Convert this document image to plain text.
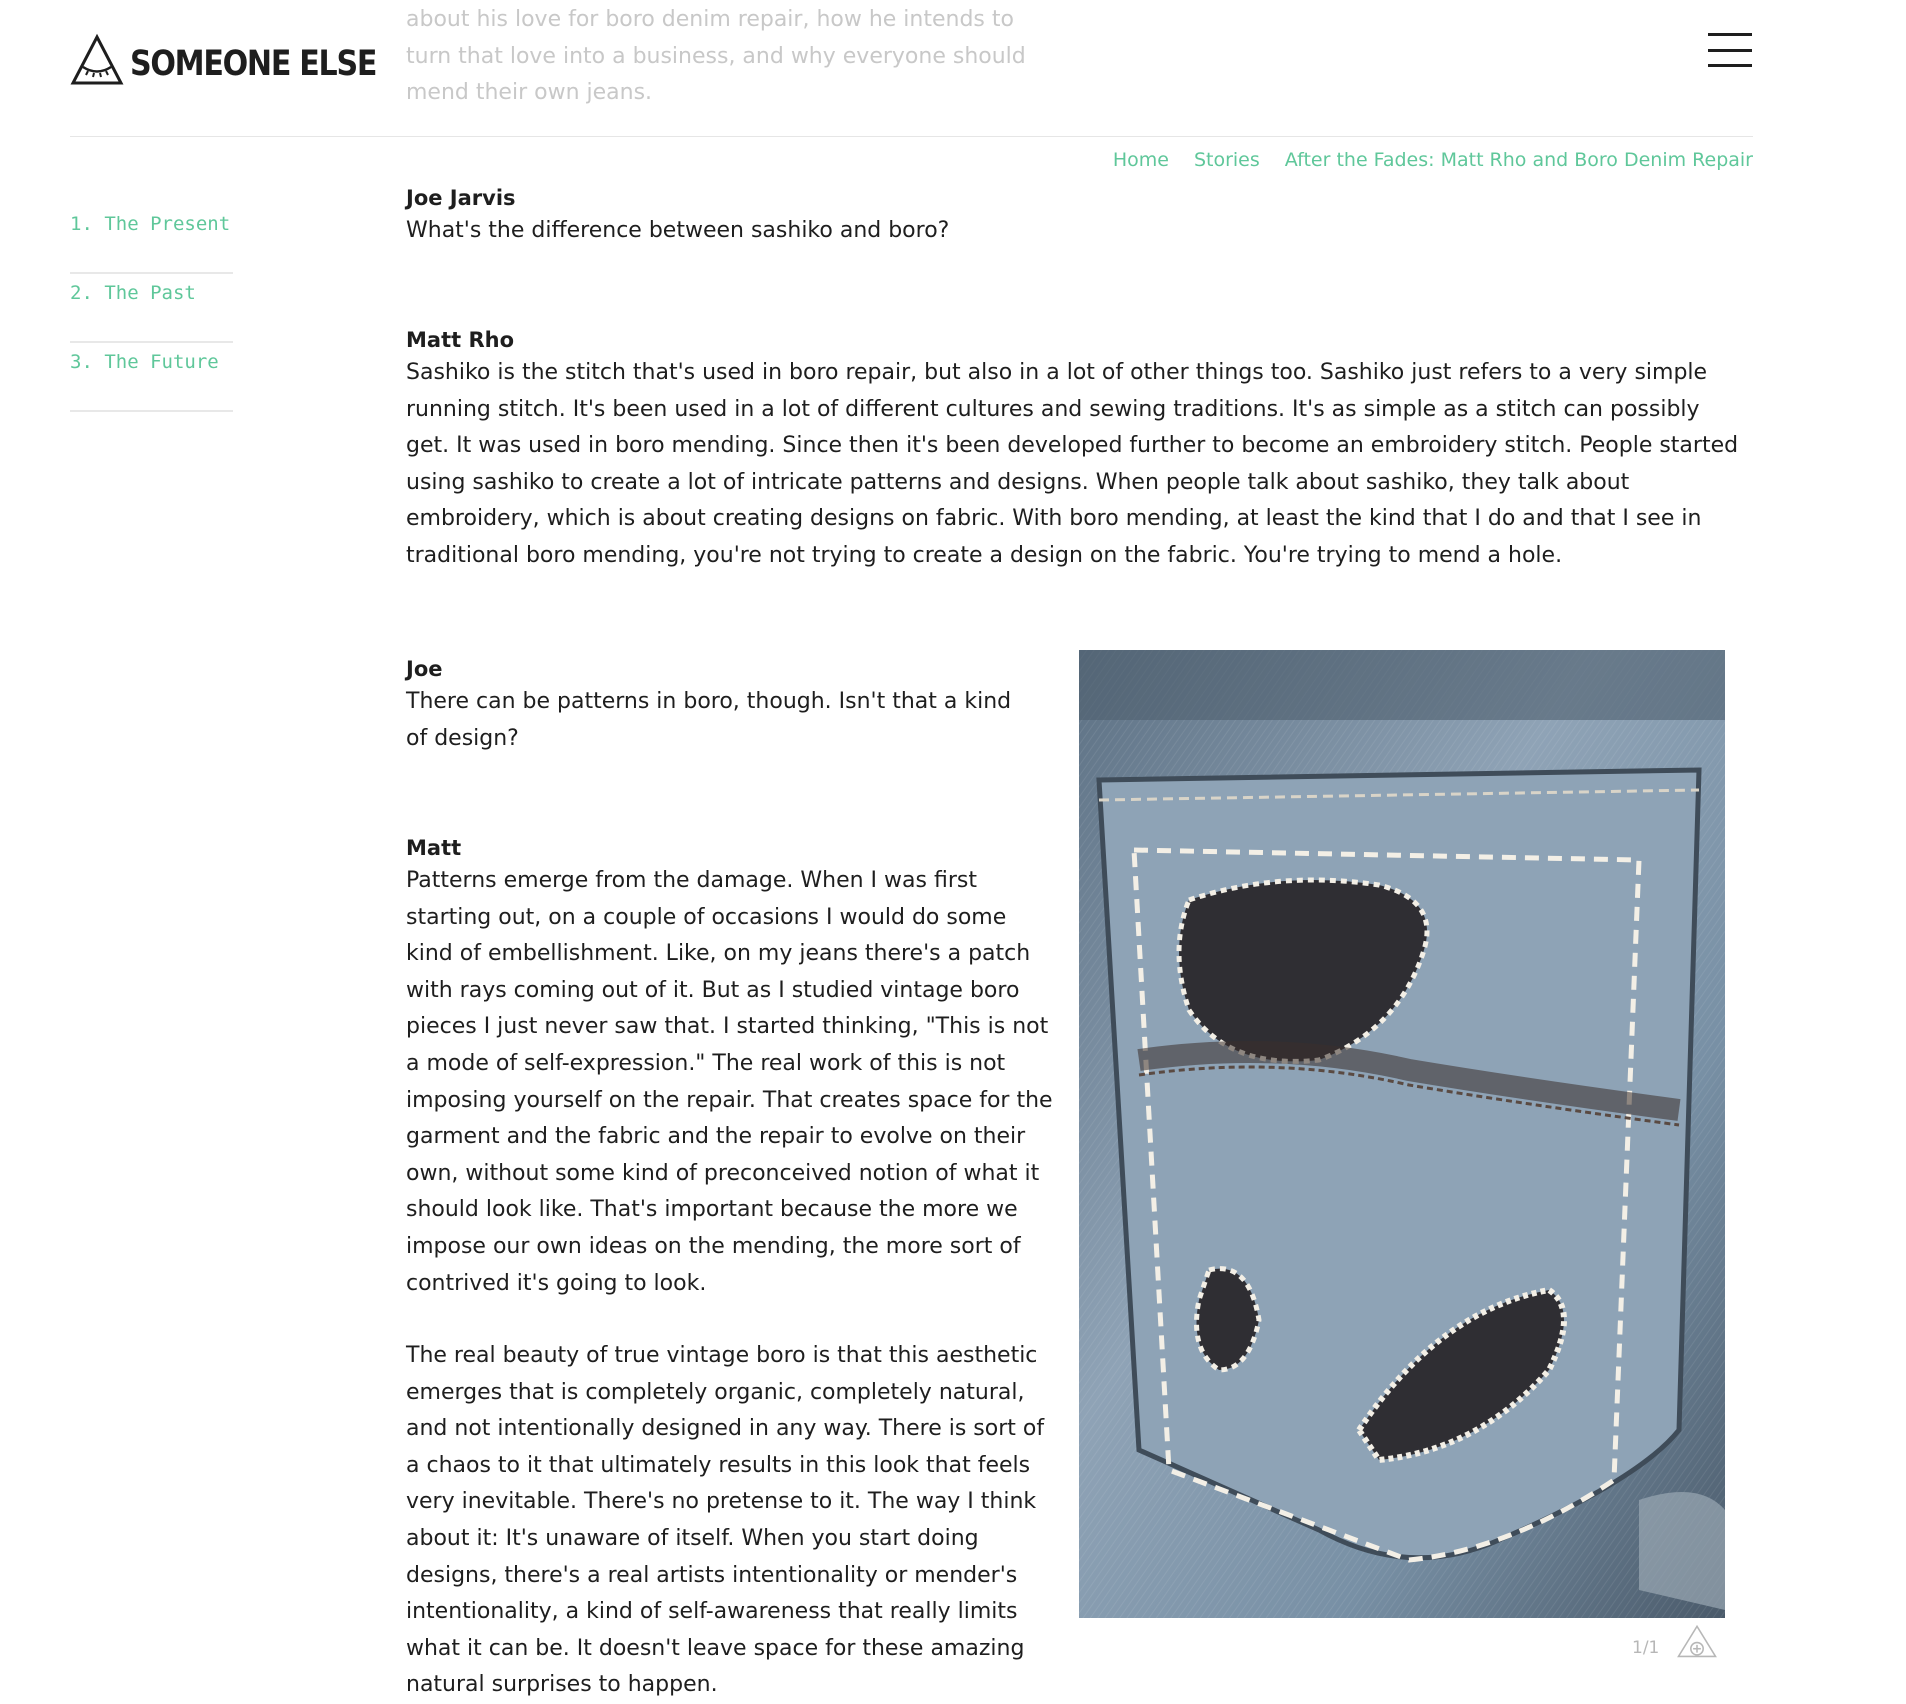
about his love for boro denim repair, how he intends to turn that love into a business, and why everyone should mend their own jeans.
SOMEONE ELSE
Home Stories After the Fades: Matt Rho and Boro Denim Repair
1. The Present
2. The Past
3. The Future
Joe Jarvis
What's the difference between sashiko and boro?
Matt Rho
Sashiko is the stitch that's used in boro repair, but also in a lot of other things too. Sashiko just refers to a very simple running stitch. It's been used in a lot of different cultures and sewing traditions. It's as simple as a stitch can possibly get. It was used in boro mending. Since then it's been developed further to become an embroidery stitch. People started using sashiko to create a lot of intricate patterns and designs. When people talk about sashiko, they talk about embroidery, which is about creating designs on fabric. With boro mending, at least the kind that I do and that I see in traditional boro mending, you're not trying to create a design on the fabric. You're trying to mend a hole.
Joe
There can be patterns in boro, though. Isn't that a kind of design?
Matt
Patterns emerge from the damage. When I was first starting out, on a couple of occasions I would do some kind of embellishment. Like, on my jeans there's a patch with rays coming out of it. But as I studied vintage boro pieces I just never saw that. I started thinking, "This is not a mode of self-expression." The real work of this is not imposing yourself on the repair. That creates space for the garment and the fabric and the repair to evolve on their own, without some kind of preconceived notion of what it should look like. That's important because the more we impose our own ideas on the mending, the more sort of contrived it's going to look.
The real beauty of true vintage boro is that this aesthetic emerges that is completely organic, completely natural, and not intentionally designed in any way. There is sort of a chaos to it that ultimately results in this look that feels very inevitable. There's no pretense to it. The way I think about it: It's unaware of itself. When you start doing designs, there's a real artists intentionality or mender's intentionality, a kind of self-awareness that really limits what it can be. It doesn't leave space for these amazing natural surprises to happen.
1/1
